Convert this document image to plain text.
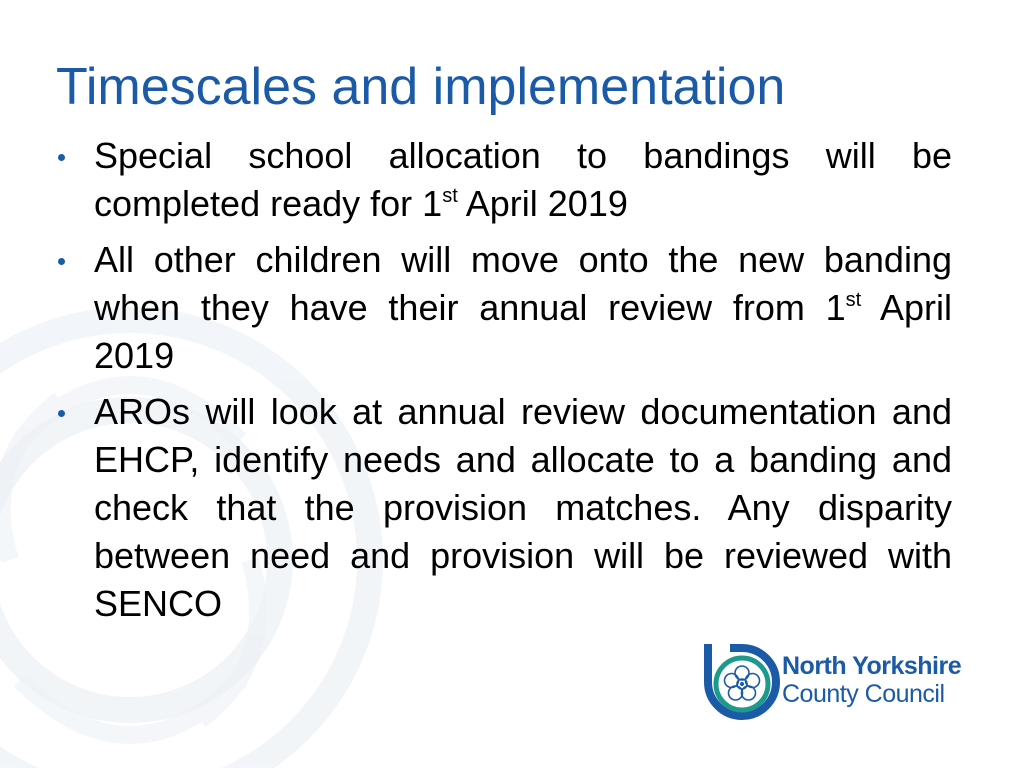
Timescales and implementation
Special school allocation to bandings will be completed ready for 1st April 2019
All other children will move onto the new banding when they have their annual review from 1st April 2019
AROs will look at annual review documentation and EHCP, identify needs and allocate to a banding and check that the provision matches. Any disparity between need and provision will be reviewed with SENCO
North Yorkshire
County Council
